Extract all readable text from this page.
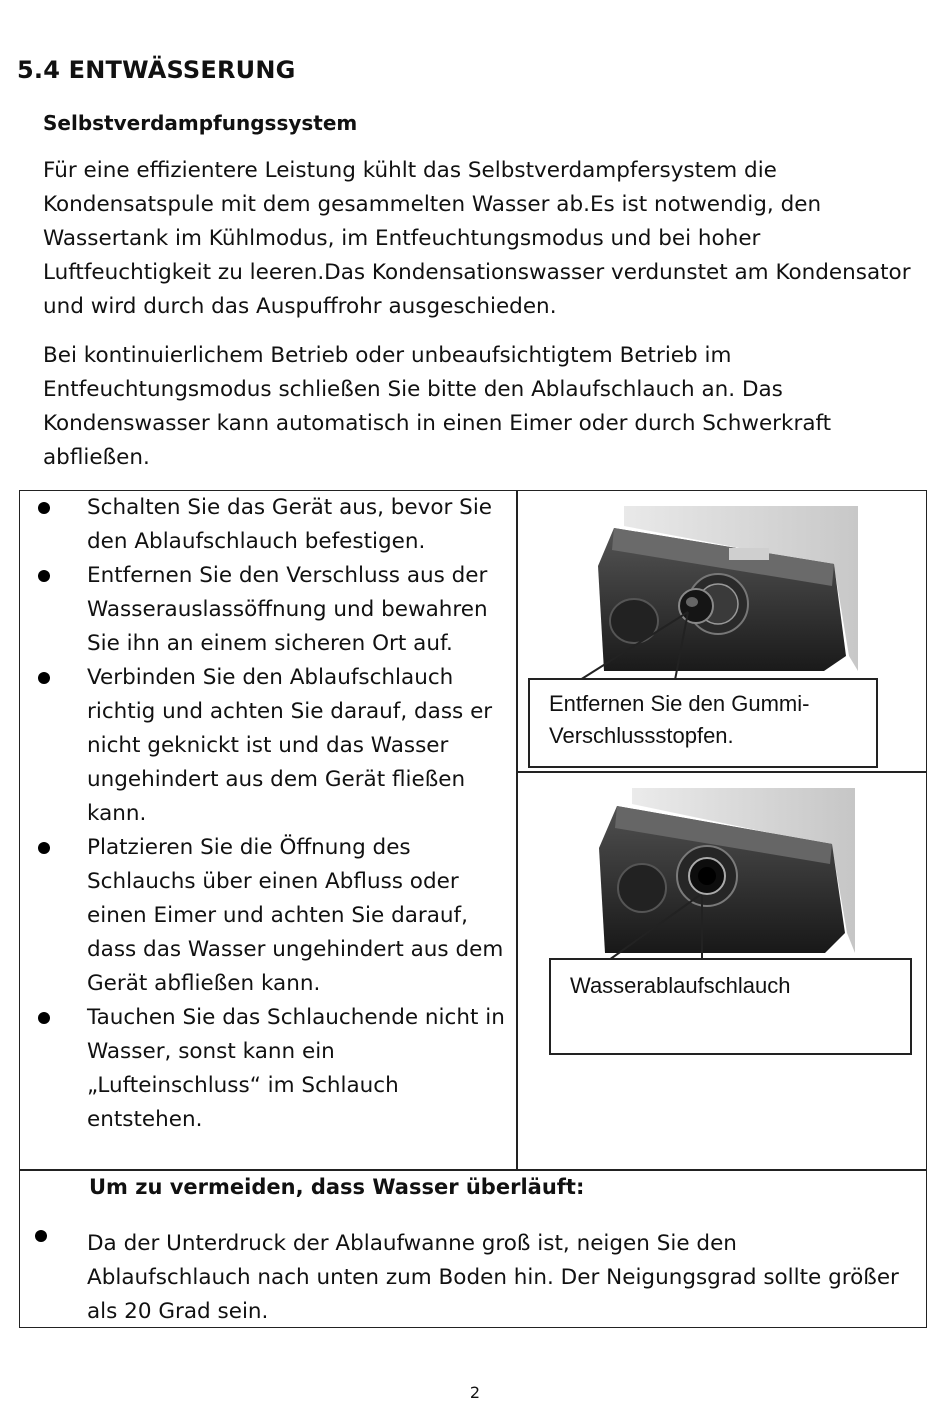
5.4 ENTWÄSSERUNG
Selbstverdampfungssystem

Für eine effizientere Leistung kühlt das Selbstverdampfersystem die Kondensatspule mit dem gesammelten Wasser ab.Es ist notwendig, den Wassertank im Kühlmodus, im Entfeuchtungsmodus und bei hoher Luftfeuchtigkeit zu leeren.Das Kondensationswasser verdunstet am Kondensator und wird durch das Auspuffrohr ausgeschieden.

Bei kontinuierlichem Betrieb oder unbeaufsichtigtem Betrieb im Entfeuchtungsmodus schließen Sie bitte den Ablaufschlauch an. Das Kondenswasser kann automatisch in einen Eimer oder durch Schwerkraft abfließen.

Schalten Sie das Gerät aus, bevor Sie den Ablaufschlauch befestigen.
Entfernen Sie den Verschluss aus der Wasserauslassöffnung und bewahren Sie ihn an einem sicheren Ort auf.
Verbinden Sie den Ablaufschlauch richtig und achten Sie darauf, dass er nicht geknickt ist und das Wasser ungehindert aus dem Gerät fließen kann.
Platzieren Sie die Öffnung des Schlauchs über einen Abfluss oder einen Eimer und achten Sie darauf, dass das Wasser ungehindert aus dem Gerät abfließen kann.
Tauchen Sie das Schlauchende nicht in Wasser, sonst kann ein „Lufteinschluss“ im Schlauch entstehen.
Entfernen Sie den Gummi-
Verschlussstopfen.
Wasserablaufschlauch

Um zu vermeiden, dass Wasser überläuft:

Da der Unterdruck der Ablaufwanne groß ist, neigen Sie den Ablaufschlauch nach unten zum Boden hin. Der Neigungsgrad sollte größer als 20 Grad sein.

2
